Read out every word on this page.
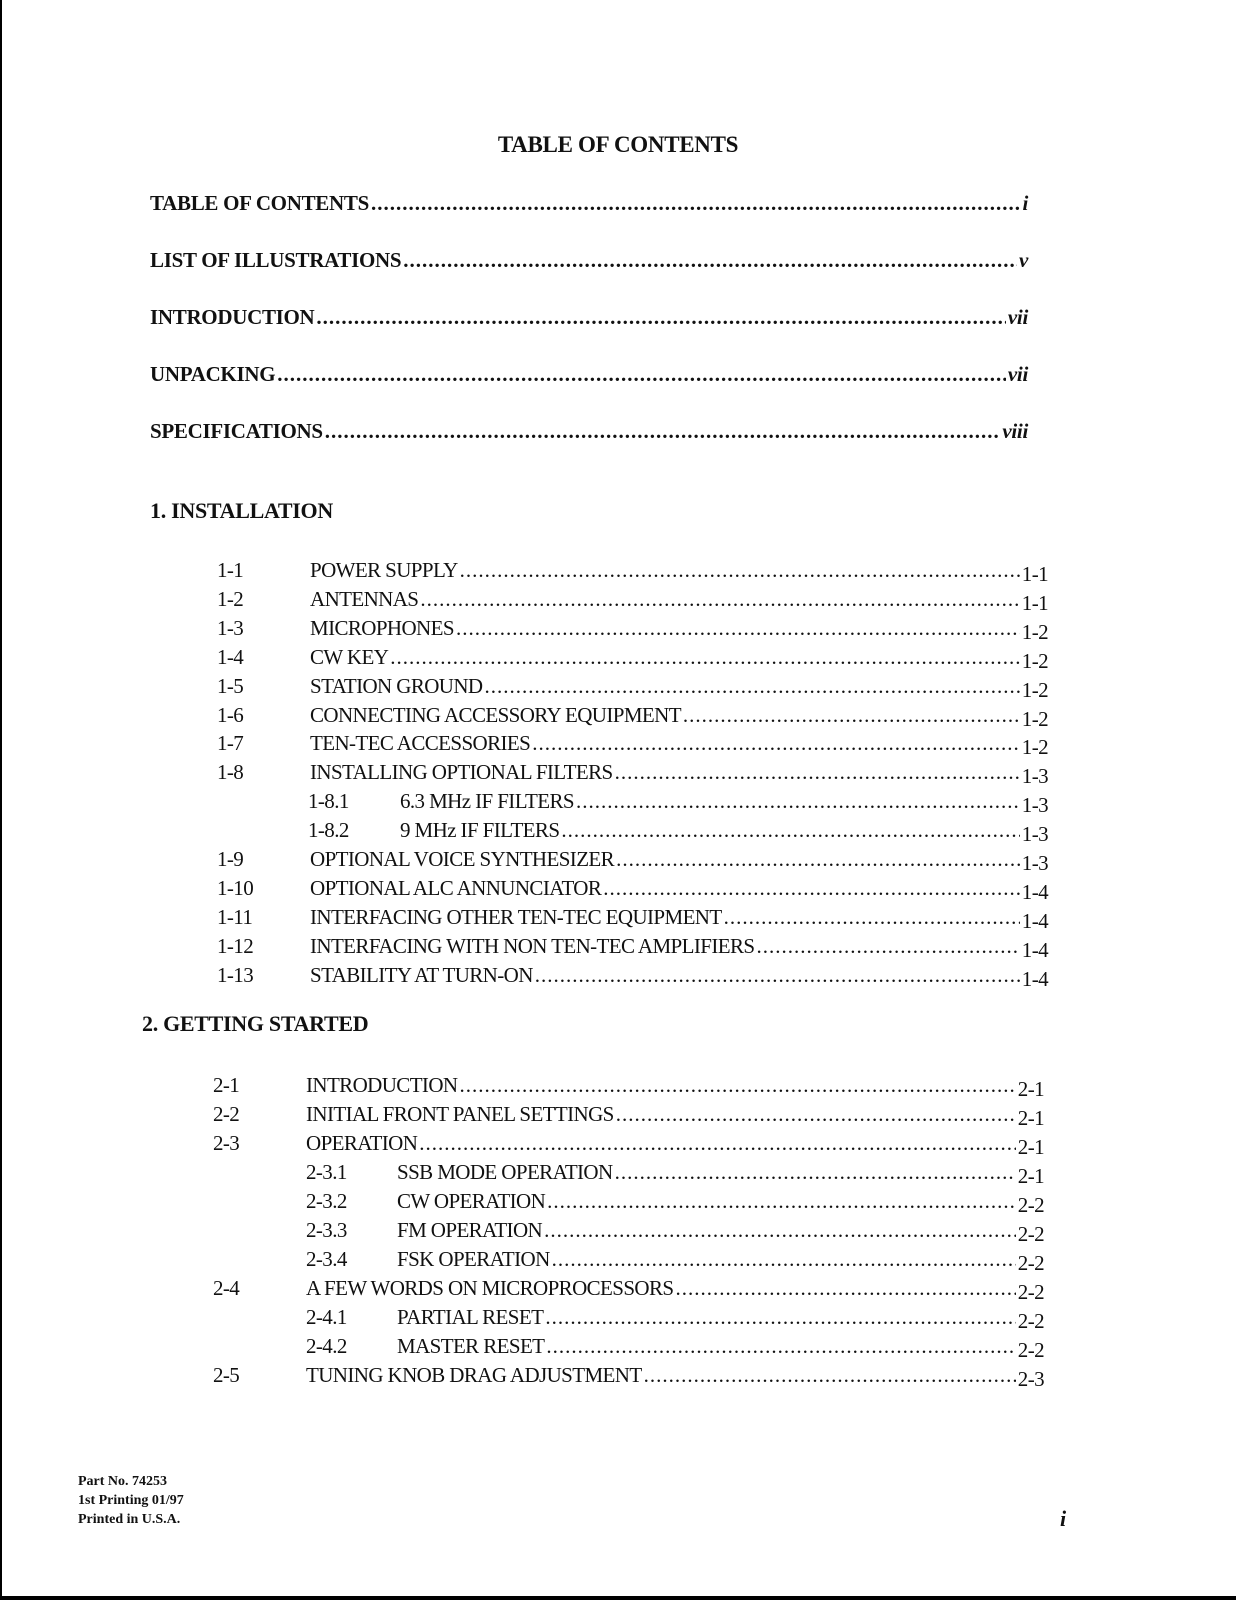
TABLE OF CONTENTS
TABLE OF CONTENTS .....	i
LIST OF ILLUSTRATIONS .....	v
INTRODUCTION .....	vii
UNPACKING .....	vii
SPECIFICATIONS .....	viii
1. INSTALLATION
1-1	POWER SUPPLY .....	1-1
1-2	ANTENNAS .....	1-1
1-3	MICROPHONES .....	1-2
1-4	CW KEY .....	1-2
1-5	STATION GROUND .....	1-2
1-6	CONNECTING ACCESSORY EQUIPMENT .....	1-2
1-7	TEN-TEC ACCESSORIES .....	1-2
1-8	INSTALLING OPTIONAL FILTERS .....	1-3
1-8.1 6.3 MHz IF FILTERS .....	1-3
1-8.2 9 MHz IF FILTERS .....	1-3
1-9	OPTIONAL VOICE SYNTHESIZER .....	1-3
1-10	OPTIONAL ALC ANNUNCIATOR .....	1-4
1-11	INTERFACING OTHER TEN-TEC EQUIPMENT .....	1-4
1-12	INTERFACING WITH NON TEN-TEC AMPLIFIERS .....	1-4
1-13	STABILITY AT TURN-ON .....	1-4
2. GETTING STARTED
2-1	INTRODUCTION .....	2-1
2-2	INITIAL FRONT PANEL SETTINGS .....	2-1
2-3	OPERATION .....	2-1
2-3.1 SSB MODE OPERATION .....	2-1
2-3.2 CW OPERATION .....	2-2
2-3.3 FM OPERATION .....	2-2
2-3.4 FSK OPERATION .....	2-2
2-4	A FEW WORDS ON MICROPROCESSORS .....	2-2
2-4.1 PARTIAL RESET .....	2-2
2-4.2 MASTER RESET .....	2-2
2-5	TUNING KNOB DRAG ADJUSTMENT .....	2-3
Part No. 74253
1st Printing 01/97
Printed in U.S.A.	i
